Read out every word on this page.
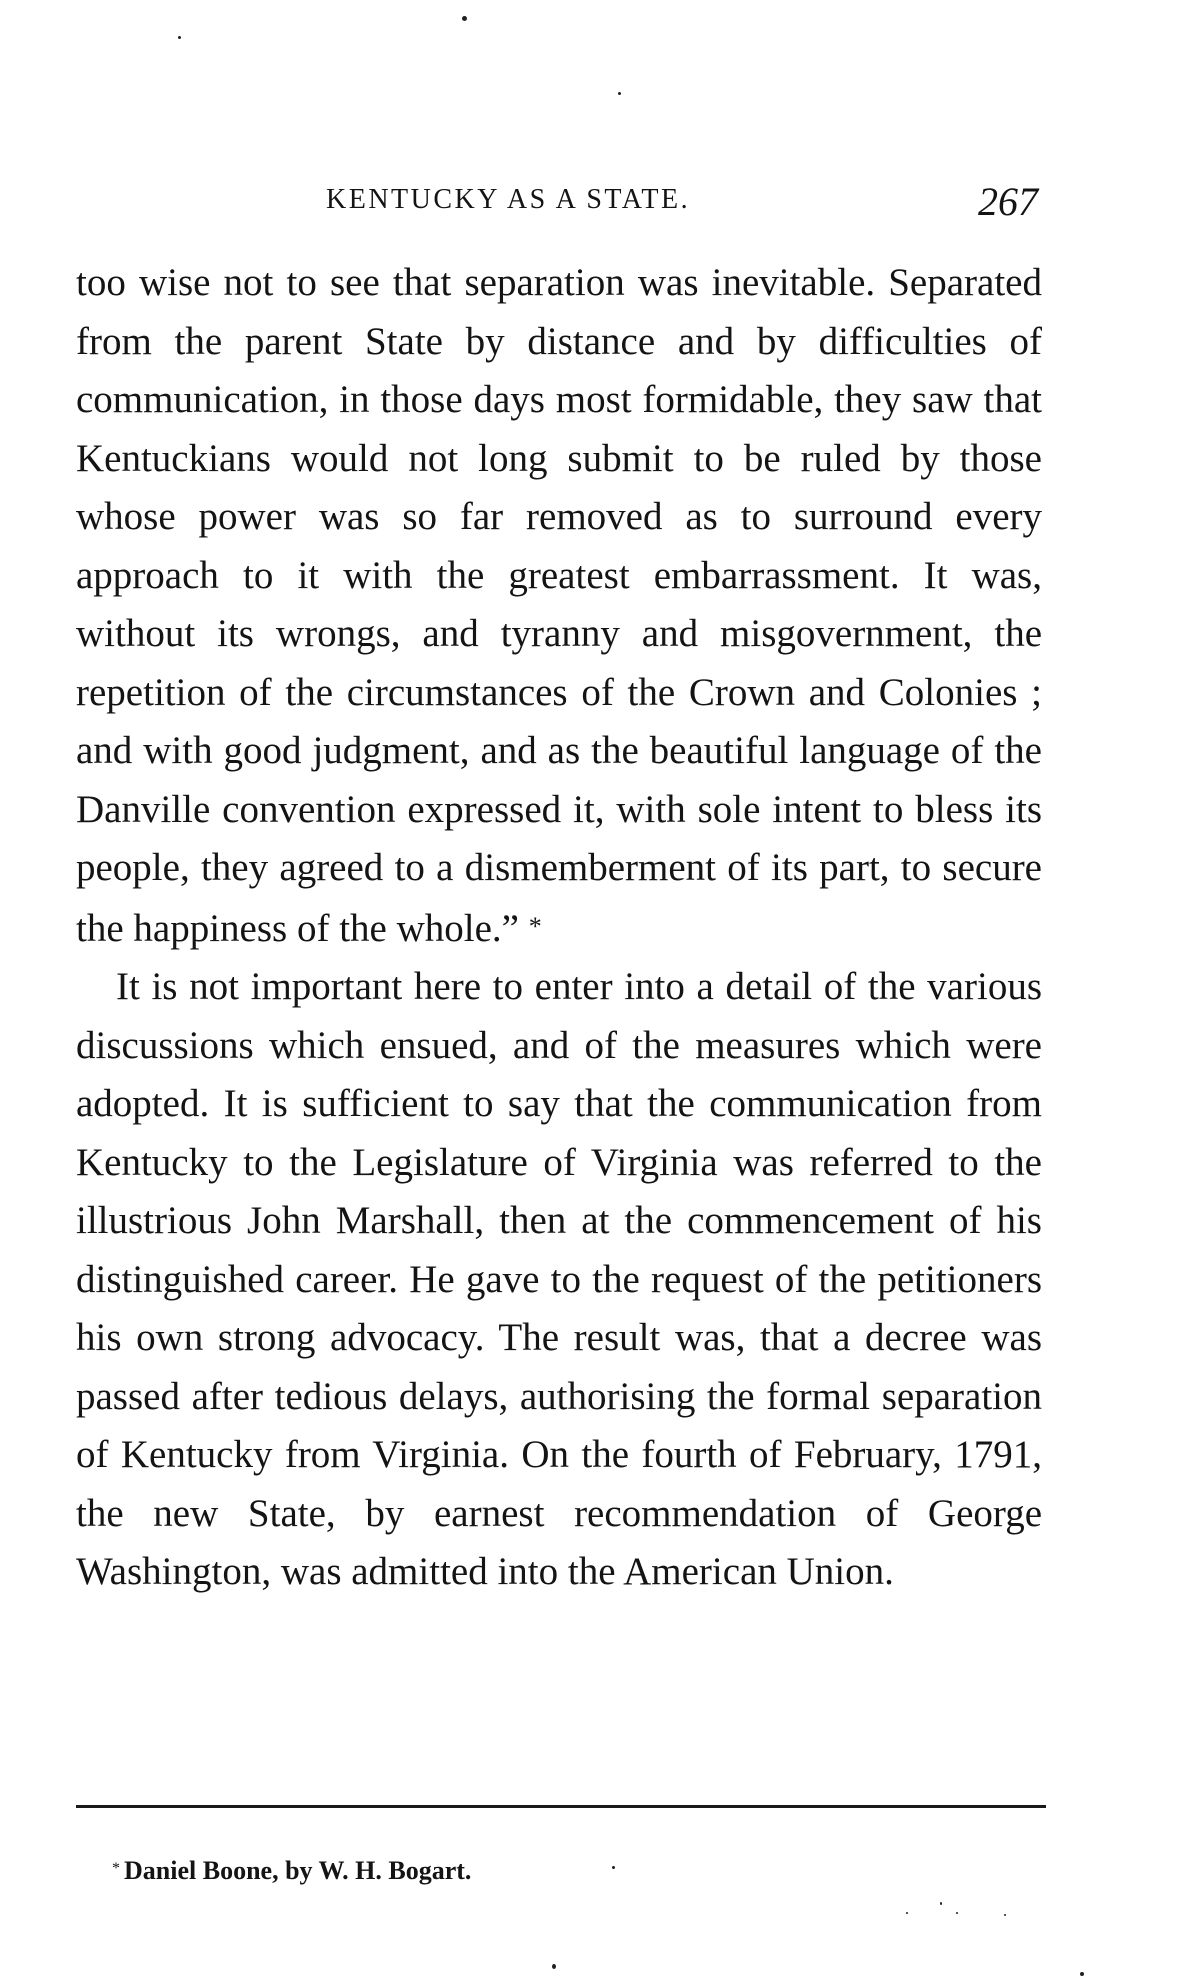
KENTUCKY AS A STATE.	267

too wise not to see that separation was inevitable. Separated from the parent State by distance and by difficulties of communication, in those days most formidable, they saw that Kentuckians would not long submit to be ruled by those whose power was so far removed as to surround every approach to it with the greatest embarrassment. It was, without its wrongs, and tyranny and misgovernment, the repetition of the circumstances of the Crown and Colonies ; and with good judgment, and as the beautiful language of the Danville convention expressed it, with sole intent to bless its people, they agreed to a dismemberment of its part, to secure the happiness of the whole.” *

It is not important here to enter into a detail of the various discussions which ensued, and of the measures which were adopted. It is sufficient to say that the communication from Kentucky to the Legislature of Virginia was referred to the illustrious John Marshall, then at the commencement of his distinguished career. He gave to the request of the petitioners his own strong advocacy. The result was, that a decree was passed after tedious delays, authorising the formal separation of Kentucky from Virginia. On the fourth of February, 1791, the new State, by earnest recommendation of George Washington, was admitted into the American Union.

* Daniel Boone, by W. H. Bogart.
